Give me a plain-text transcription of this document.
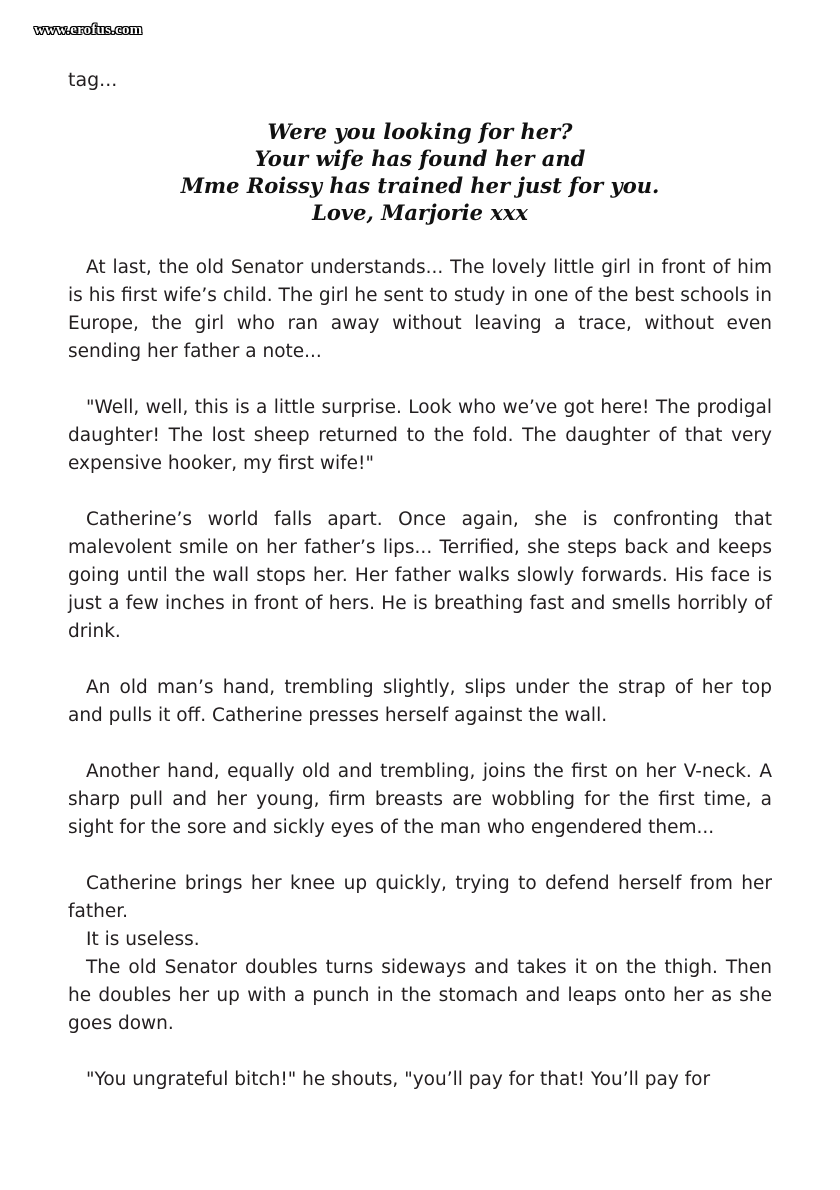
www.erofus.com
tag...
Were you looking for her?
Your wife has found her and
Mme Roissy has trained her just for you.
Love, Marjorie xxx

At last, the old Senator understands... The lovely little girl in front of him is his first wife’s child. The girl he sent to study in one of the best schools in Europe, the girl who ran away without leaving a trace, without even sending her father a note...

"Well, well, this is a little surprise. Look who we’ve got here! The prodigal daughter! The lost sheep returned to the fold. The daughter of that very expensive hooker, my first wife!"

Catherine’s world falls apart. Once again, she is confronting that malevolent smile on her father’s lips... Terrified, she steps back and keeps going until the wall stops her. Her father walks slowly forwards. His face is just a few inches in front of hers. He is breathing fast and smells horribly of drink.

An old man’s hand, trembling slightly, slips under the strap of her top and pulls it off. Catherine presses herself against the wall.

Another hand, equally old and trembling, joins the first on her V-neck. A sharp pull and her young, firm breasts are wobbling for the first time, a sight for the sore and sickly eyes of the man who engendered them...

Catherine brings her knee up quickly, trying to defend herself from her father.

It is useless.

The old Senator doubles turns sideways and takes it on the thigh. Then he doubles her up with a punch in the stomach and leaps onto her as she goes down.

"You ungrateful bitch!" he shouts, "you’ll pay for that! You’ll pay for
